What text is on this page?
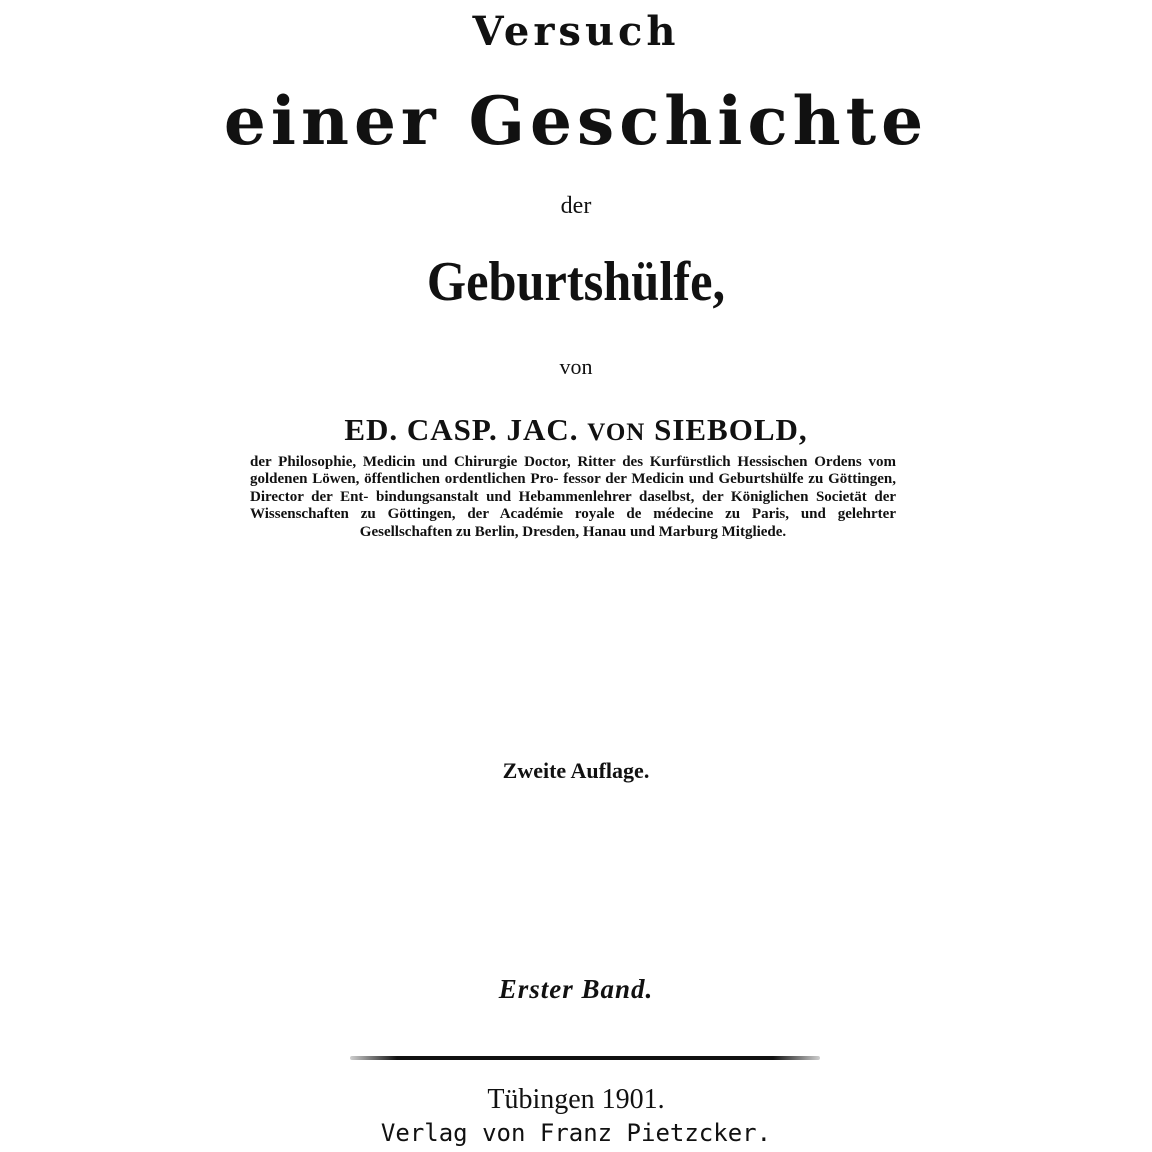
Versuch
einer Geschichte
der
Geburtshülfe,
von
ED. CASP. JAC. VON SIEBOLD,
der Philosophie, Medicin und Chirurgie Doctor, Ritter des Kurfürstlich Hessischen Ordens vom goldenen Löwen, öffentlichen ordentlichen Pro- fessor der Medicin und Geburtshülfe zu Göttingen, Director der Ent- bindungsanstalt und Hebammenlehrer daselbst, der Königlichen Societät der Wissenschaften zu Göttingen, der Académie royale de médecine zu Paris, und gelehrter Gesellschaften zu Berlin, Dresden, Hanau und Marburg Mitgliede.
Zweite Auflage.
Erster Band.
Tübingen 1901.
Verlag von Franz Pietzcker.
